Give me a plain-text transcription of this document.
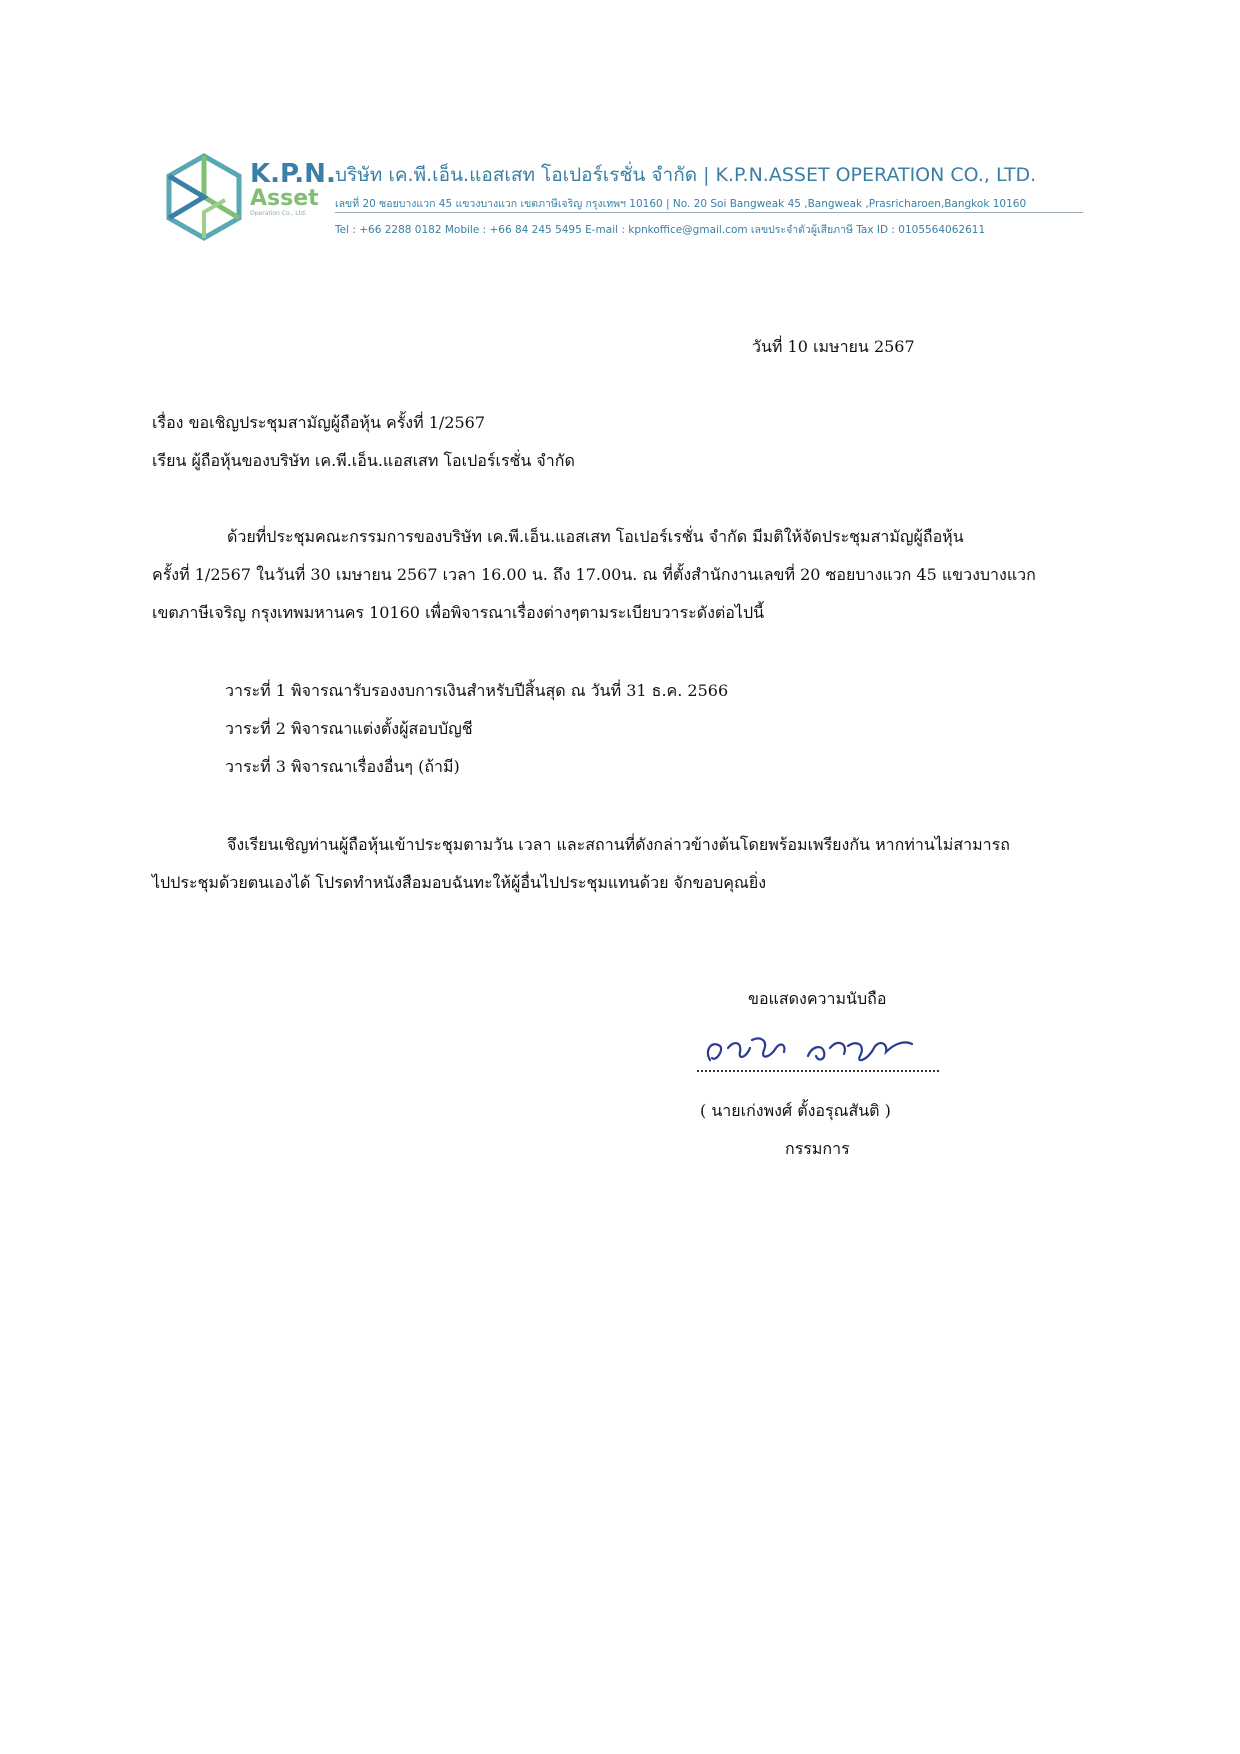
K.P.N.
Asset
Operation Co., Ltd.
บริษัท เค.พี.เอ็น.แอสเสท โอเปอร์เรชั่น จำกัด | K.P.N.ASSET OPERATION CO., LTD.
เลขที่ 20 ซอยบางแวก 45 แขวงบางแวก เขตภาษีเจริญ กรุงเทพฯ 10160 | No. 20 Soi Bangweak 45 ,Bangweak ,Prasricharoen,Bangkok 10160
Tel : +66 2288 0182 Mobile : +66 84 245 5495 E-mail : kpnkoffice@gmail.com เลขประจำตัวผู้เสียภาษี Tax ID : 0105564062611
วันที่ 10 เมษายน 2567
เรื่อง ขอเชิญประชุมสามัญผู้ถือหุ้น ครั้งที่ 1/2567
เรียน ผู้ถือหุ้นของบริษัท เค.พี.เอ็น.แอสเสท โอเปอร์เรชั่น จำกัด
ด้วยที่ประชุมคณะกรรมการของบริษัท เค.พี.เอ็น.แอสเสท โอเปอร์เรชั่น จำกัด มีมติให้จัดประชุมสามัญผู้ถือหุ้น
ครั้งที่ 1/2567 ในวันที่ 30 เมษายน 2567 เวลา 16.00 น. ถึง 17.00น. ณ ที่ตั้งสำนักงานเลขที่ 20 ซอยบางแวก 45 แขวงบางแวก
เขตภาษีเจริญ กรุงเทพมหานคร 10160 เพื่อพิจารณาเรื่องต่างๆตามระเบียบวาระดังต่อไปนี้
วาระที่ 1 พิจารณารับรองงบการเงินสำหรับปีสิ้นสุด ณ วันที่ 31 ธ.ค. 2566
วาระที่ 2 พิจารณาแต่งตั้งผู้สอบบัญชี
วาระที่ 3 พิจารณาเรื่องอื่นๆ (ถ้ามี)
จึงเรียนเชิญท่านผู้ถือหุ้นเข้าประชุมตามวัน เวลา และสถานที่ดังกล่าวข้างต้นโดยพร้อมเพรียงกัน หากท่านไม่สามารถ
ไปประชุมด้วยตนเองได้ โปรดทำหนังสือมอบฉันทะให้ผู้อื่นไปประชุมแทนด้วย จักขอบคุณยิ่ง
ขอแสดงความนับถือ
( นายเก่งพงศ์ ตั้งอรุณสันติ )
กรรมการ
